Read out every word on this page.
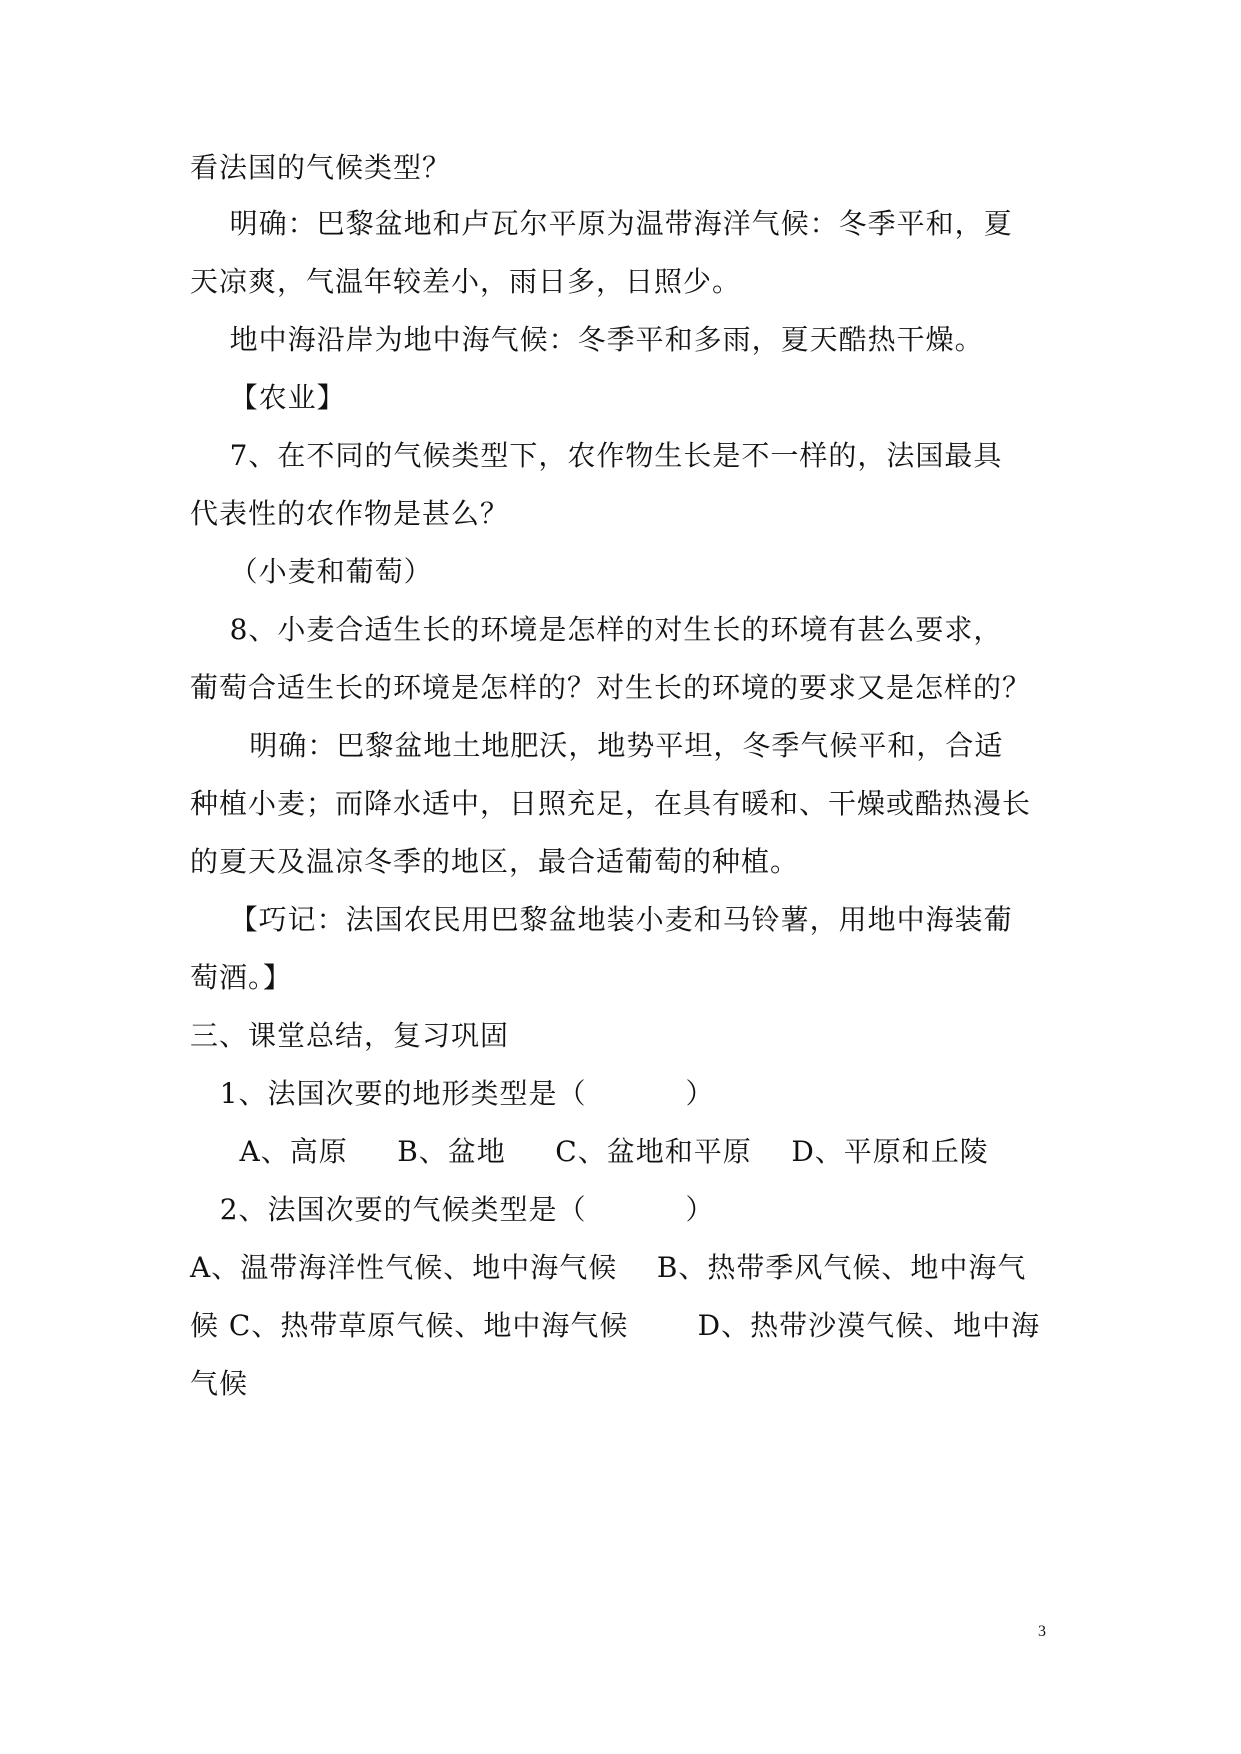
看法国的气候类型？
明确：巴黎盆地和卢瓦尔平原为温带海洋气候：冬季平和，夏
天凉爽，气温年较差小，雨日多，日照少。
地中海沿岸为地中海气候：冬季平和多雨，夏天酷热干燥。
【农业】
7、在不同的气候类型下，农作物生长是不一样的，法国最具
代表性的农作物是甚么？
（小麦和葡萄）
8、小麦合适生长的环境是怎样的对生长的环境有甚么要求，
葡萄合适生长的环境是怎样的？对生长的环境的要求又是怎样的？
明确：巴黎盆地土地肥沃，地势平坦，冬季气候平和，合适
种植小麦；而降水适中，日照充足，在具有暖和、干燥或酷热漫长
的夏天及温凉冬季的地区，最合适葡萄的种植。
【巧记：法国农民用巴黎盆地装小麦和马铃薯，用地中海装葡
萄酒。】
三、课堂总结，复习巩固
1、法国次要的地形类型是（          ）
A、高原     B、盆地     C、盆地和平原    D、平原和丘陵
2、法国次要的气候类型是（          ）
A、温带海洋性气候、地中海气候    B、热带季风气候、地中海气
候 C、热带草原气候、地中海气候       D、热带沙漠气候、地中海
气候
3
